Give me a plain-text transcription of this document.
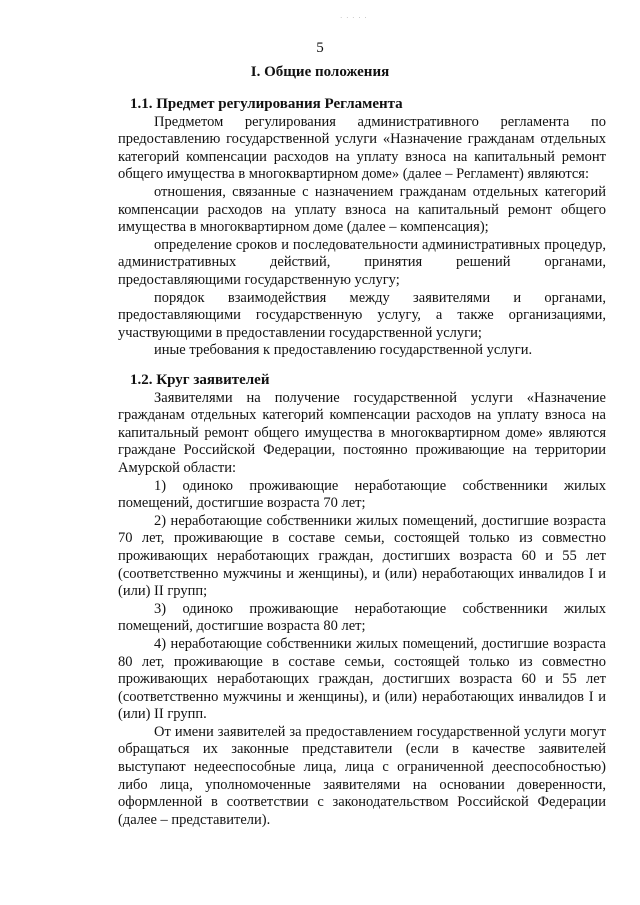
· · · · ·
5
I. Общие положения

1.1. Предмет регулирования Регламента

Предметом регулирования административного регламента по предоставлению государственной услуги «Назначение гражданам отдельных категорий компенсации расходов на уплату взноса на капитальный ремонт общего имущества в многоквартирном доме» (далее – Регламент) являются:

отношения, связанные с назначением гражданам отдельных категорий компенсации расходов на уплату взноса на капитальный ремонт общего имущества в многоквартирном доме (далее – компенсация);

определение сроков и последовательности административных процедур, административных действий, принятия решений органами, предоставляющими государственную услугу;

порядок взаимодействия между заявителями и органами, предоставляющими государственную услугу, а также организациями, участвующими в предоставлении государственной услуги;

иные требования к предоставлению государственной услуги.

1.2. Круг заявителей

Заявителями на получение государственной услуги «Назначение гражданам отдельных категорий компенсации расходов на уплату взноса на капитальный ремонт общего имущества в многоквартирном доме» являются граждане Российской Федерации, постоянно проживающие на территории Амурской области:

1) одиноко проживающие неработающие собственники жилых помещений, достигшие возраста 70 лет;

2) неработающие собственники жилых помещений, достигшие возраста 70 лет, проживающие в составе семьи, состоящей только из совместно проживающих неработающих граждан, достигших возраста 60 и 55 лет (соответственно мужчины и женщины), и (или) неработающих инвалидов I и (или) II групп;

3) одиноко проживающие неработающие собственники жилых помещений, достигшие возраста 80 лет;

4) неработающие собственники жилых помещений, достигшие возраста 80 лет, проживающие в составе семьи, состоящей только из совместно проживающих неработающих граждан, достигших возраста 60 и 55 лет (соответственно мужчины и женщины), и (или) неработающих инвалидов I и (или) II групп.

От имени заявителей за предоставлением государственной услуги могут обращаться их законные представители (если в качестве заявителей выступают недееспособные лица, лица с ограниченной дееспособностью) либо лица, уполномоченные заявителями на основании доверенности, оформленной в соответствии с законодательством Российской Федерации (далее – представители).
